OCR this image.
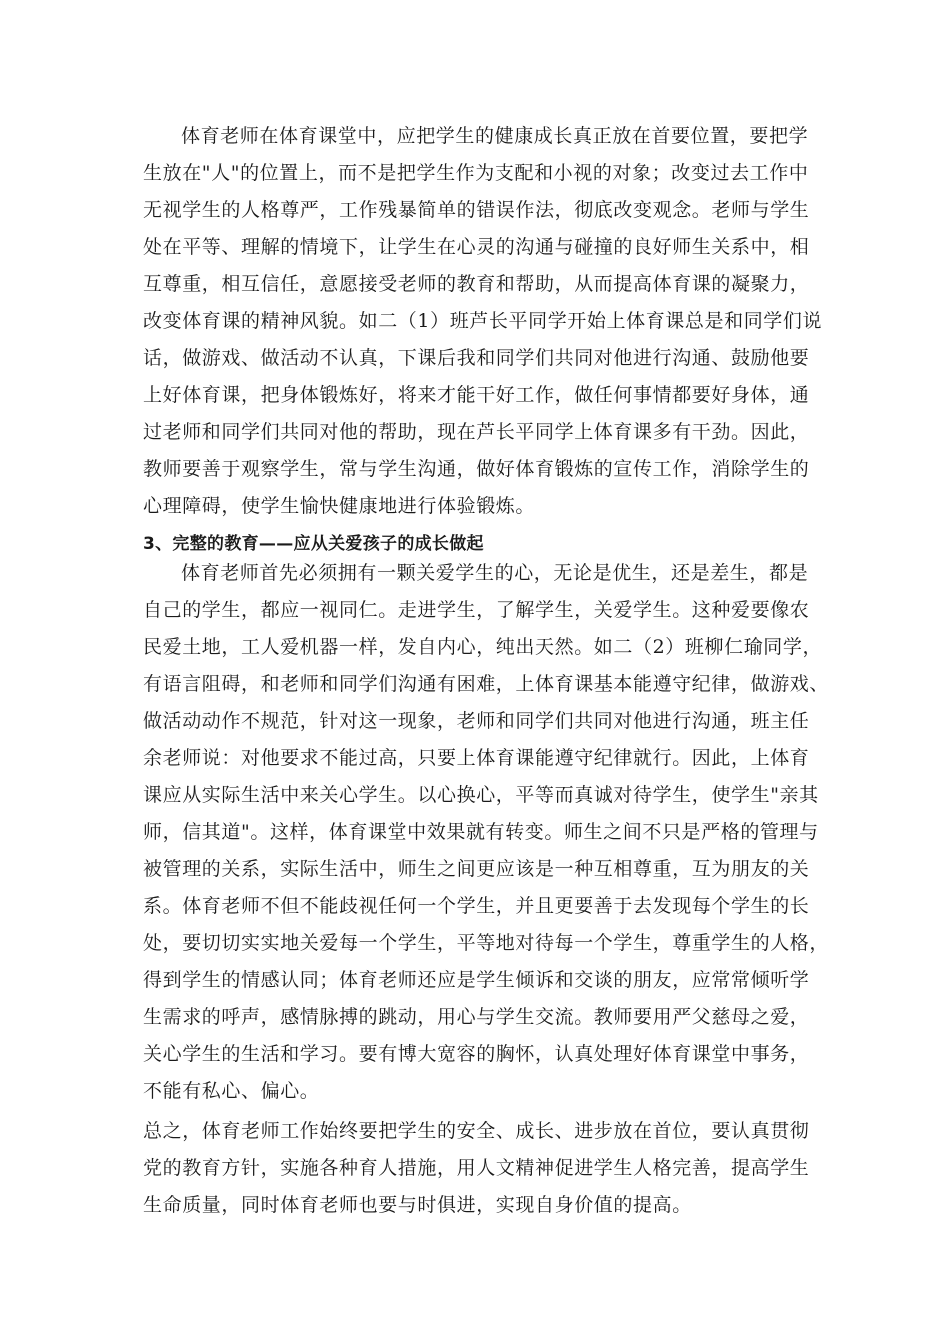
体育老师在体育课堂中，应把学生的健康成长真正放在首要位置，要把学
生放在"人"的位置上，而不是把学生作为支配和小视的对象；改变过去工作中
无视学生的人格尊严，工作残暴简单的错误作法，彻底改变观念。老师与学生
处在平等、理解的情境下，让学生在心灵的沟通与碰撞的良好师生关系中，相
互尊重，相互信任，意愿接受老师的教育和帮助，从而提高体育课的凝聚力，
改变体育课的精神风貌。如二（1）班芦长平同学开始上体育课总是和同学们说
话，做游戏、做活动不认真，下课后我和同学们共同对他进行沟通、鼓励他要
上好体育课，把身体锻炼好，将来才能干好工作，做任何事情都要好身体，通
过老师和同学们共同对他的帮助，现在芦长平同学上体育课多有干劲。因此，
教师要善于观察学生，常与学生沟通，做好体育锻炼的宣传工作，消除学生的
心理障碍，使学生愉快健康地进行体验锻炼。
3、完整的教育——应从关爱孩子的成长做起
体育老师首先必须拥有一颗关爱学生的心，无论是优生，还是差生，都是
自己的学生，都应一视同仁。走进学生，了解学生，关爱学生。这种爱要像农
民爱土地，工人爱机器一样，发自内心，纯出天然。如二（2）班柳仁瑜同学，
有语言阻碍，和老师和同学们沟通有困难，上体育课基本能遵守纪律，做游戏、
做活动动作不规范，针对这一现象，老师和同学们共同对他进行沟通，班主任
余老师说：对他要求不能过高，只要上体育课能遵守纪律就行。因此，上体育
课应从实际生活中来关心学生。以心换心，平等而真诚对待学生，使学生"亲其
师，信其道"。这样，体育课堂中效果就有转变。师生之间不只是严格的管理与
被管理的关系，实际生活中，师生之间更应该是一种互相尊重，互为朋友的关
系。体育老师不但不能歧视任何一个学生，并且更要善于去发现每个学生的长
处，要切切实实地关爱每一个学生，平等地对待每一个学生，尊重学生的人格，
得到学生的情感认同；体育老师还应是学生倾诉和交谈的朋友，应常常倾听学
生需求的呼声，感情脉搏的跳动，用心与学生交流。教师要用严父慈母之爱，
关心学生的生活和学习。要有博大宽容的胸怀，认真处理好体育课堂中事务，
不能有私心、偏心。
总之，体育老师工作始终要把学生的安全、成长、进步放在首位，要认真贯彻
党的教育方针，实施各种育人措施，用人文精神促进学生人格完善，提高学生
生命质量，同时体育老师也要与时俱进，实现自身价值的提高。
